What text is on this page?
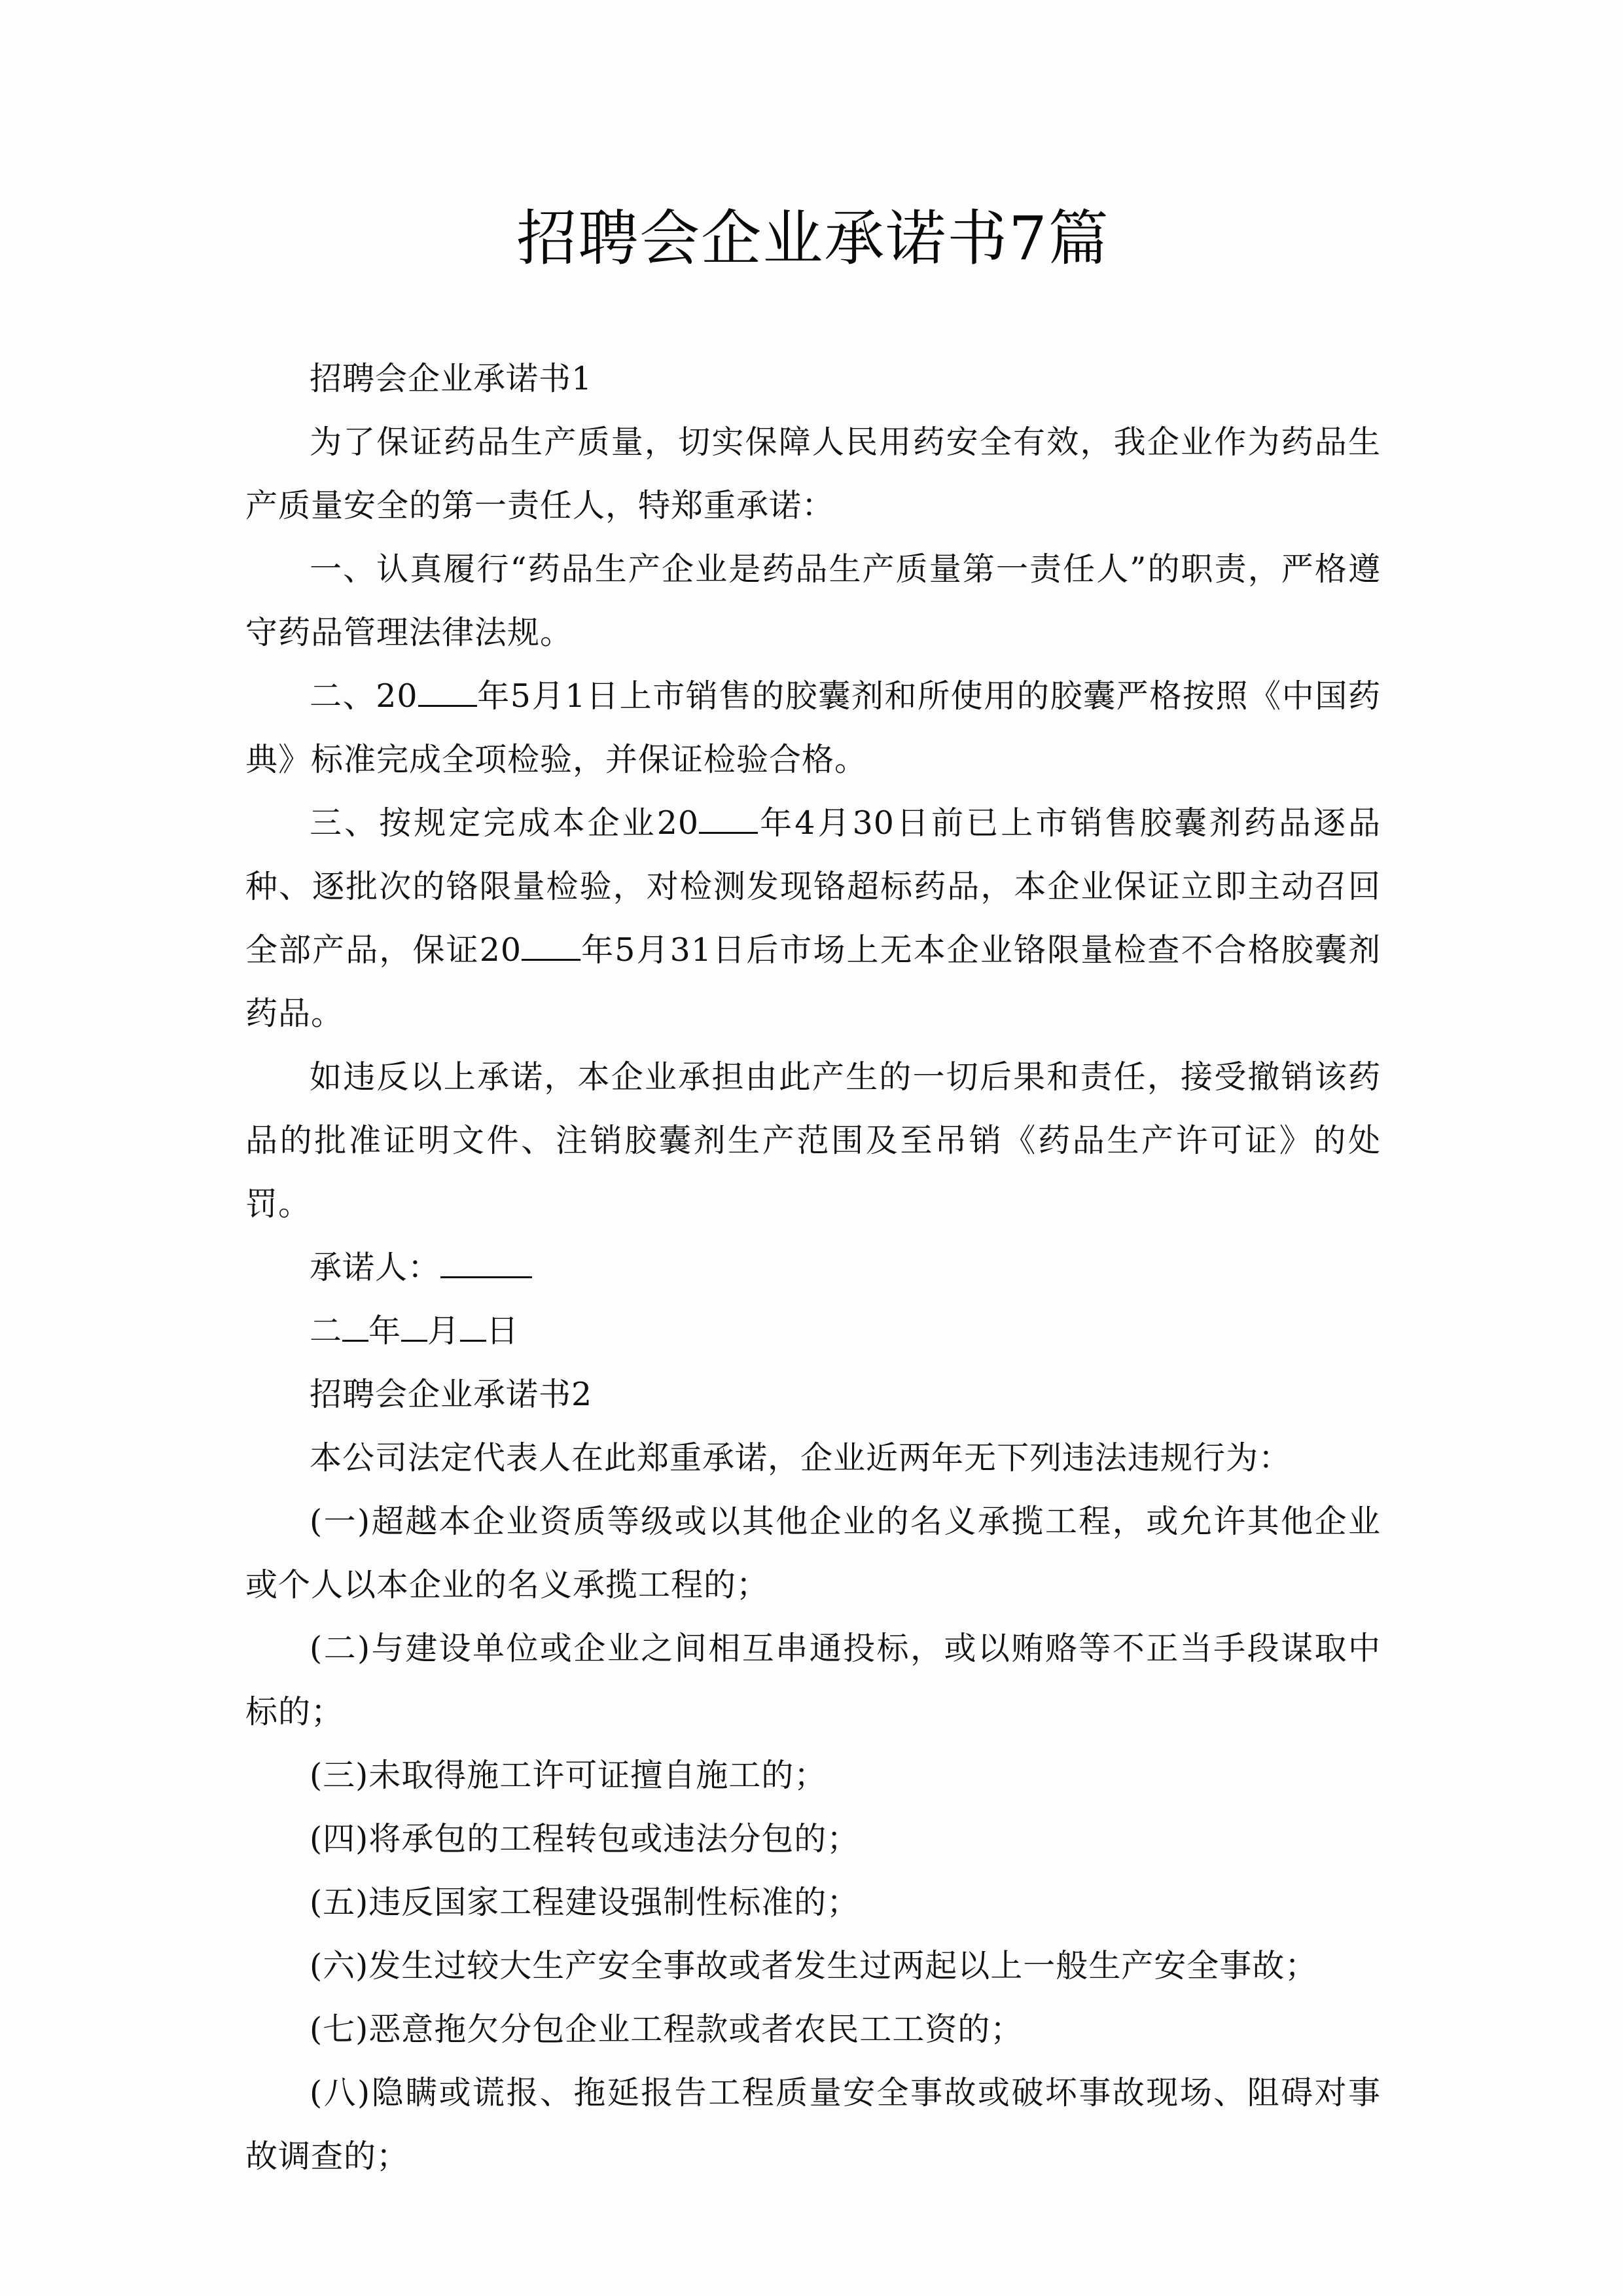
招聘会企业承诺书7篇

招聘会企业承诺书1

为了保证药品生产质量，切实保障人民用药安全有效，我企业作为药品生产质量安全的第一责任人，特郑重承诺：

一、认真履行“药品生产企业是药品生产质量第一责任人”的职责，严格遵守药品管理法律法规。

二、20 年5月1日上市销售的胶囊剂和所使用的胶囊严格按照《中国药典》标准完成全项检验，并保证检验合格。

三、按规定完成本企业20 年4月30日前已上市销售胶囊剂药品逐品种、逐批次的铬限量检验，对检测发现铬超标药品，本企业保证立即主动召回全部产品，保证20 年5月31日后市场上无本企业铬限量检查不合格胶囊剂药品。

如违反以上承诺，本企业承担由此产生的一切后果和责任，接受撤销该药品的批准证明文件、注销胶囊剂生产范围及至吊销《药品生产许可证》的处罚。

承诺人：

二 年 月 日

招聘会企业承诺书2

本公司法定代表人在此郑重承诺，企业近两年无下列违法违规行为：

(一)超越本企业资质等级或以其他企业的名义承揽工程，或允许其他企业或个人以本企业的名义承揽工程的；

(二)与建设单位或企业之间相互串通投标，或以贿赂等不正当手段谋取中标的；

(三)未取得施工许可证擅自施工的；

(四)将承包的工程转包或违法分包的；

(五)违反国家工程建设强制性标准的；

(六)发生过较大生产安全事故或者发生过两起以上一般生产安全事故；

(七)恶意拖欠分包企业工程款或者农民工工资的；

(八)隐瞒或谎报、拖延报告工程质量安全事故或破坏事故现场、阻碍对事故调查的；
